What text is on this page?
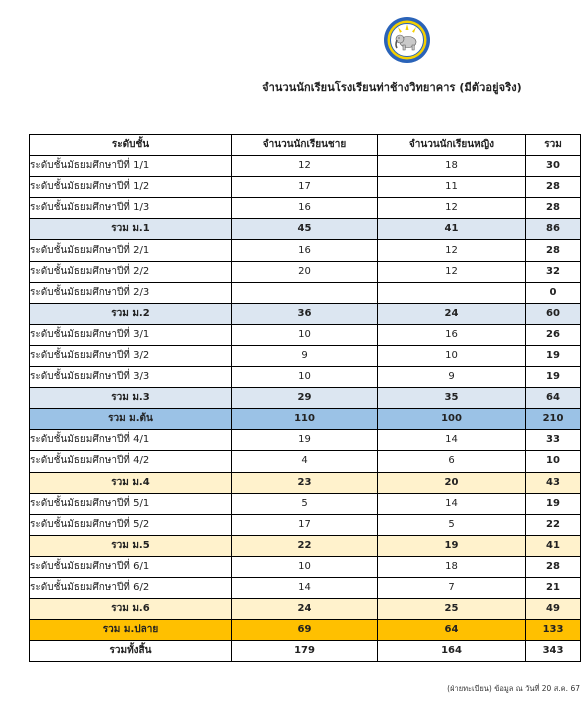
จำนวนนักเรียนโรงเรียนท่าช้างวิทยาคาร (มีตัวอยู่จริง)
ระดับชั้น	จำนวนนักเรียนชาย	จำนวนนักเรียนหญิง	รวม
ระดับชั้นมัธยมศึกษาปีที่ 1/1	12	18	30
ระดับชั้นมัธยมศึกษาปีที่ 1/2	17	11	28
ระดับชั้นมัธยมศึกษาปีที่ 1/3	16	12	28
รวม ม.1	45	41	86
ระดับชั้นมัธยมศึกษาปีที่ 2/1	16	12	28
ระดับชั้นมัธยมศึกษาปีที่ 2/2	20	12	32
ระดับชั้นมัธยมศึกษาปีที่ 2/3			0
รวม ม.2	36	24	60
ระดับชั้นมัธยมศึกษาปีที่ 3/1	10	16	26
ระดับชั้นมัธยมศึกษาปีที่ 3/2	9	10	19
ระดับชั้นมัธยมศึกษาปีที่ 3/3	10	9	19
รวม ม.3	29	35	64
รวม ม.ต้น	110	100	210
ระดับชั้นมัธยมศึกษาปีที่ 4/1	19	14	33
ระดับชั้นมัธยมศึกษาปีที่ 4/2	4	6	10
รวม ม.4	23	20	43
ระดับชั้นมัธยมศึกษาปีที่ 5/1	5	14	19
ระดับชั้นมัธยมศึกษาปีที่ 5/2	17	5	22
รวม ม.5	22	19	41
ระดับชั้นมัธยมศึกษาปีที่ 6/1	10	18	28
ระดับชั้นมัธยมศึกษาปีที่ 6/2	14	7	21
รวม ม.6	24	25	49
รวม ม.ปลาย	69	64	133
รวมทั้งสิ้น	179	164	343
(ฝ่ายทะเบียน) ข้อมูล ณ วันที่ 20 ส.ค. 67
